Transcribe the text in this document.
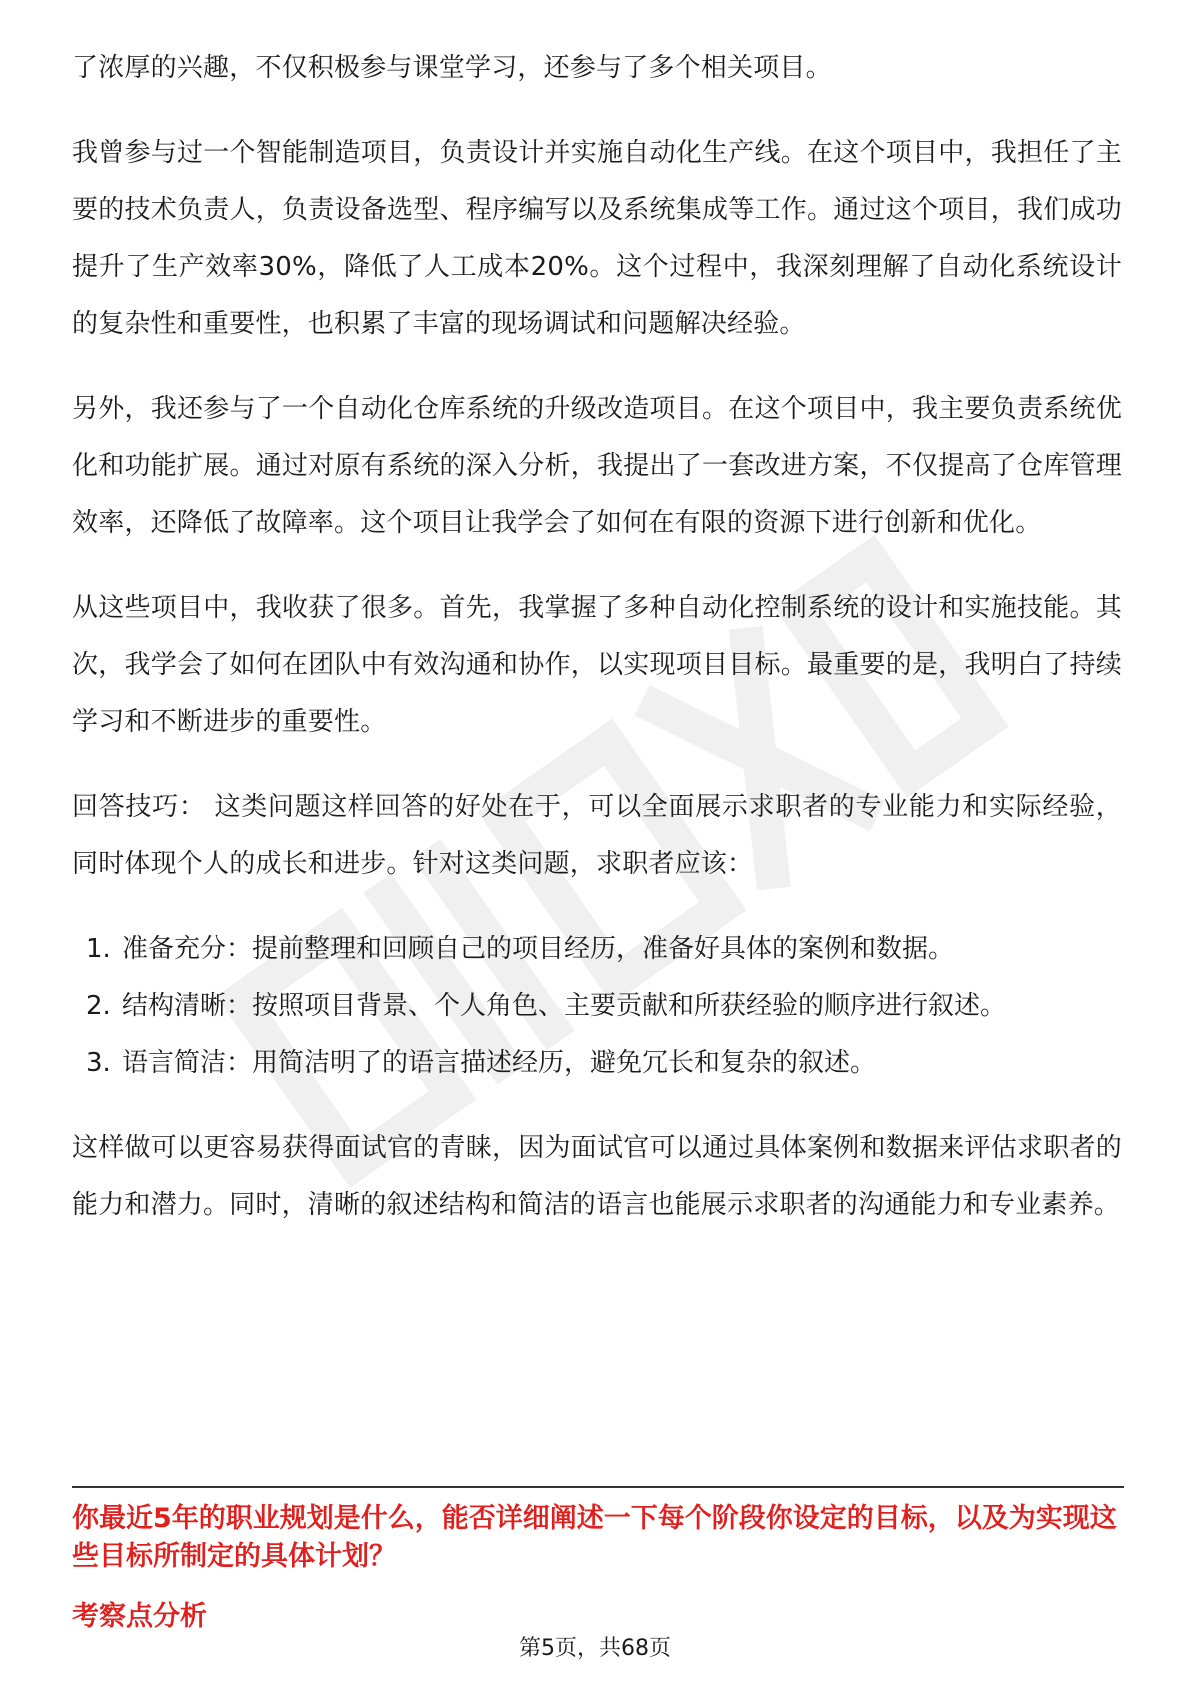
了浓厚的兴趣，不仅积极参与课堂学习，还参与了多个相关项目。

我曾参与过一个智能制造项目，负责设计并实施自动化生产线。在这个项目中，我担任了主要的技术负责人，负责设备选型、程序编写以及系统集成等工作。通过这个项目，我们成功提升了生产效率30%，降低了人工成本20%。这个过程中，我深刻理解了自动化系统设计的复杂性和重要性，也积累了丰富的现场调试和问题解决经验。

另外，我还参与了一个自动化仓库系统的升级改造项目。在这个项目中，我主要负责系统优化和功能扩展。通过对原有系统的深入分析，我提出了一套改进方案，不仅提高了仓库管理效率，还降低了故障率。这个项目让我学会了如何在有限的资源下进行创新和优化。

从这些项目中，我收获了很多。首先，我掌握了多种自动化控制系统的设计和实施技能。其次，我学会了如何在团队中有效沟通和协作，以实现项目目标。最重要的是，我明白了持续学习和不断进步的重要性。

回答技巧： 这类问题这样回答的好处在于，可以全面展示求职者的专业能力和实际经验，同时体现个人的成长和进步。针对这类问题，求职者应该：

1. 准备充分：提前整理和回顾自己的项目经历，准备好具体的案例和数据。
2. 结构清晰：按照项目背景、个人角色、主要贡献和所获经验的顺序进行叙述。
3. 语言简洁：用简洁明了的语言描述经历，避免冗长和复杂的叙述。

这样做可以更容易获得面试官的青睐，因为面试官可以通过具体案例和数据来评估求职者的能力和潜力。同时，清晰的叙述结构和简洁的语言也能展示求职者的沟通能力和专业素养。

你最近5年的职业规划是什么，能否详细阐述一下每个阶段你设定的目标，以及为实现这些目标所制定的具体计划？

考察点分析

第5页，共68页
